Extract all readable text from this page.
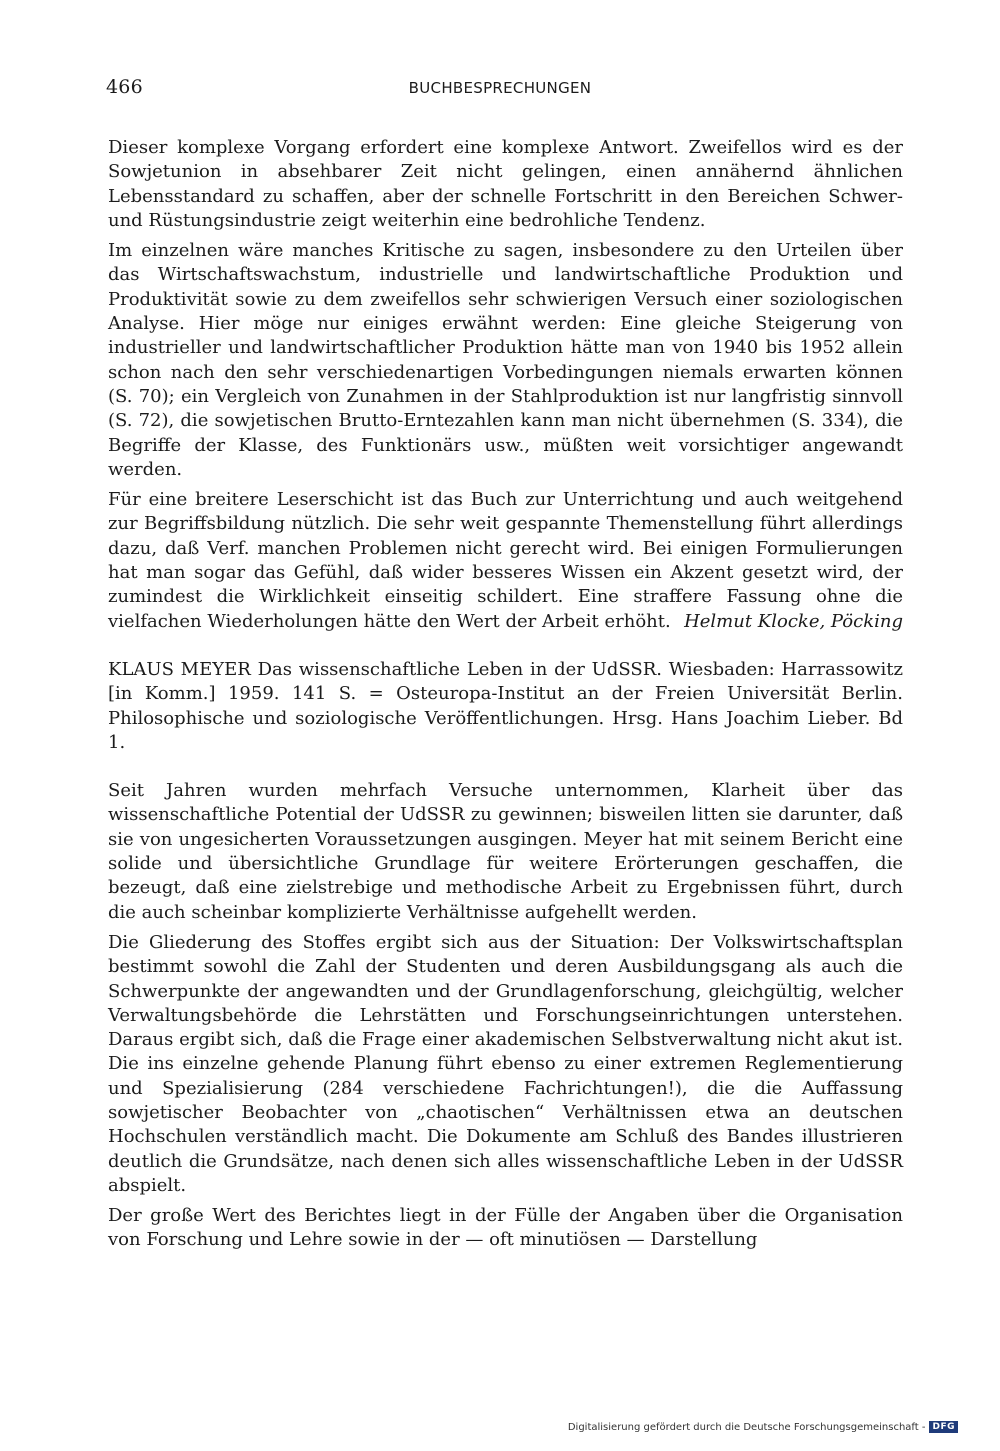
466	BUCHBESPRECHUNGEN

Dieser komplexe Vorgang erfordert eine komplexe Antwort. Zweifellos wird es der Sowjetunion in absehbarer Zeit nicht gelingen, einen annähernd ähnlichen Lebensstandard zu schaffen, aber der schnelle Fortschritt in den Bereichen Schwer- und Rüstungsindustrie zeigt weiterhin eine bedrohliche Tendenz.

Im einzelnen wäre manches Kritische zu sagen, insbesondere zu den Urteilen über das Wirtschaftswachstum, industrielle und landwirtschaftliche Produktion und Produktivität sowie zu dem zweifellos sehr schwierigen Versuch einer soziologischen Analyse. Hier möge nur einiges erwähnt werden: Eine gleiche Steigerung von industrieller und landwirtschaftlicher Produktion hätte man von 1940 bis 1952 allein schon nach den sehr verschiedenartigen Vorbedingungen niemals erwarten können (S. 70); ein Vergleich von Zunahmen in der Stahlproduktion ist nur langfristig sinnvoll (S. 72), die sowjetischen Brutto-Erntezahlen kann man nicht übernehmen (S. 334), die Begriffe der Klasse, des Funktionärs usw., müßten weit vorsichtiger angewandt werden.

Für eine breitere Leserschicht ist das Buch zur Unterrichtung und auch weitgehend zur Begriffsbildung nützlich. Die sehr weit gespannte Themenstellung führt allerdings dazu, daß Verf. manchen Problemen nicht gerecht wird. Bei einigen Formulierungen hat man sogar das Gefühl, daß wider besseres Wissen ein Akzent gesetzt wird, der zumindest die Wirklichkeit einseitig schildert. Eine straffere Fassung ohne die vielfachen Wiederholungen hätte den Wert der Arbeit erhöht. Helmut Klocke, Pöcking

KLAUS MEYER Das wissenschaftliche Leben in der UdSSR. Wiesbaden: Harrassowitz [in Komm.] 1959. 141 S. = Osteuropa-Institut an der Freien Universität Berlin. Philosophische und soziologische Veröffentlichungen. Hrsg. Hans Joachim Lieber. Bd 1.

Seit Jahren wurden mehrfach Versuche unternommen, Klarheit über das wissenschaftliche Potential der UdSSR zu gewinnen; bisweilen litten sie darunter, daß sie von ungesicherten Voraussetzungen ausgingen. Meyer hat mit seinem Bericht eine solide und übersichtliche Grundlage für weitere Erörterungen geschaffen, die bezeugt, daß eine zielstrebige und methodische Arbeit zu Ergebnissen führt, durch die auch scheinbar komplizierte Verhältnisse aufgehellt werden.

Die Gliederung des Stoffes ergibt sich aus der Situation: Der Volkswirtschaftsplan bestimmt sowohl die Zahl der Studenten und deren Ausbildungsgang als auch die Schwerpunkte der angewandten und der Grundlagenforschung, gleichgültig, welcher Verwaltungsbehörde die Lehrstätten und Forschungseinrichtungen unterstehen. Daraus ergibt sich, daß die Frage einer akademischen Selbstverwaltung nicht akut ist. Die ins einzelne gehende Planung führt ebenso zu einer extremen Reglementierung und Spezialisierung (284 verschiedene Fachrichtungen!), die die Auffassung sowjetischer Beobachter von „chaotischen“ Verhältnissen etwa an deutschen Hochschulen verständlich macht. Die Dokumente am Schluß des Bandes illustrieren deutlich die Grundsätze, nach denen sich alles wissenschaftliche Leben in der UdSSR abspielt.

Der große Wert des Berichtes liegt in der Fülle der Angaben über die Organisation von Forschung und Lehre sowie in der — oft minutiösen — Darstellung

Digitalisierung gefördert durch die Deutsche Forschungsgemeinschaft - DFG
